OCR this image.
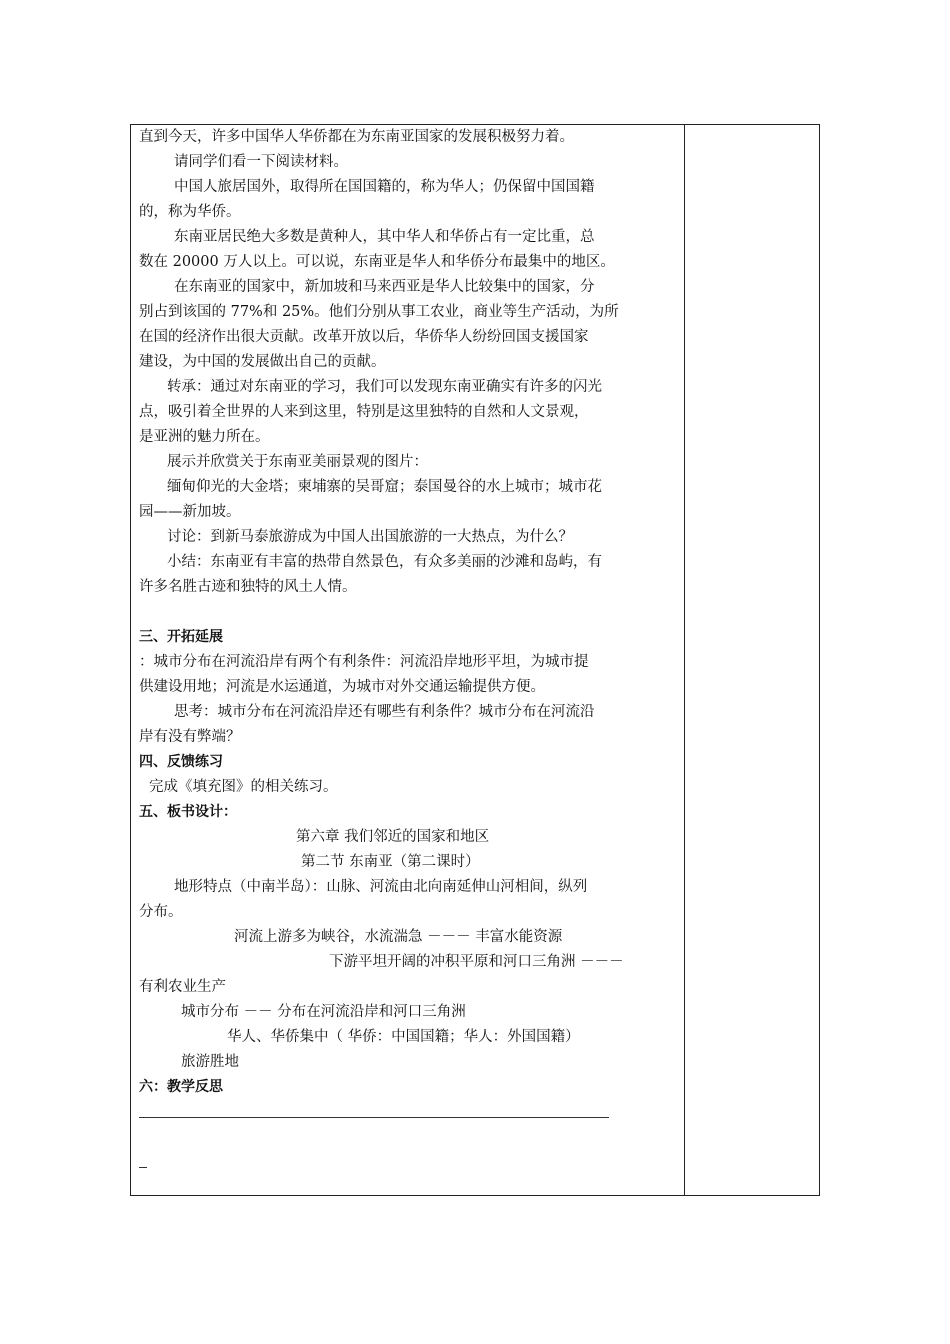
直到今天，许多中国华人华侨都在为东南亚国家的发展积极努力着。
请同学们看一下阅读材料。
中国人旅居国外，取得所在国国籍的，称为华人；仍保留中国国籍
的，称为华侨。
东南亚居民绝大多数是黄种人，其中华人和华侨占有一定比重，总
数在 20000 万人以上。可以说，东南亚是华人和华侨分布最集中的地区。
在东南亚的国家中，新加坡和马来西亚是华人比较集中的国家，分
别占到该国的 77%和 25%。他们分别从事工农业，商业等生产活动，为所
在国的经济作出很大贡献。改革开放以后，华侨华人纷纷回国支援国家
建设，为中国的发展做出自己的贡献。
转承：通过对东南亚的学习，我们可以发现东南亚确实有许多的闪光
点，吸引着全世界的人来到这里，特别是这里独特的自然和人文景观，
是亚洲的魅力所在。
展示并欣赏关于东南亚美丽景观的图片：
缅甸仰光的大金塔；柬埔寨的吴哥窟；泰国曼谷的水上城市；城市花
园——新加坡。
讨论：到新马泰旅游成为中国人出国旅游的一大热点，为什么？
小结：东南亚有丰富的热带自然景色，有众多美丽的沙滩和岛屿，有
许多名胜古迹和独特的风土人情。
三、开拓延展
：城市分布在河流沿岸有两个有利条件：河流沿岸地形平坦，为城市提
供建设用地；河流是水运通道，为城市对外交通运输提供方便。
思考：城市分布在河流沿岸还有哪些有利条件？城市分布在河流沿
岸有没有弊端？
四、反馈练习
完成《填充图》的相关练习。
五、板书设计：
第六章 我们邻近的国家和地区
第二节 东南亚（第二课时）
地形特点（中南半岛）：山脉、河流由北向南延伸山河相间，纵列
分布。
河流上游多为峡谷，水流湍急 －－－ 丰富水能资源
下游平坦开阔的冲积平原和河口三角洲 －－－
有利农业生产
城市分布 －－ 分布在河流沿岸和河口三角洲
华人、华侨集中（ 华侨：中国国籍；华人：外国国籍）
旅游胜地
六：教学反思
